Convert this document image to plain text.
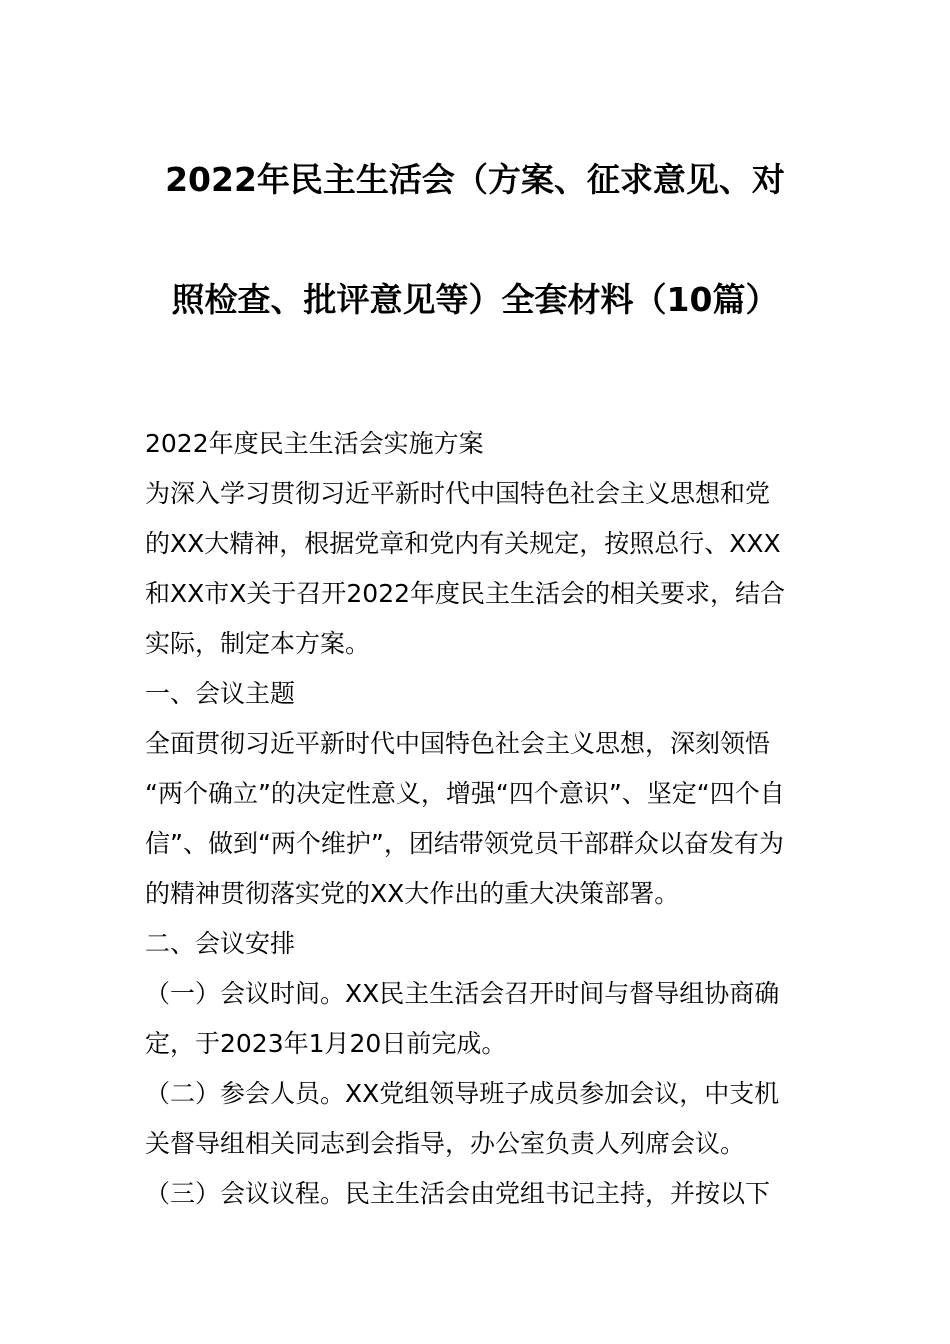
2022年民主生活会（方案、征求意见、对
照检查、批评意见等）全套材料（10篇）
2022年度民主生活会实施方案
为深入学习贯彻习近平新时代中国特色社会主义思想和党
的XX大精神，根据党章和党内有关规定，按照总行、XXX
和XX市X关于召开2022年度民主生活会的相关要求，结合
实际，制定本方案。
一、会议主题
全面贯彻习近平新时代中国特色社会主义思想，深刻领悟
“两个确立”的决定性意义，增强“四个意识”、坚定“四个自
信”、做到“两个维护”，团结带领党员干部群众以奋发有为
的精神贯彻落实党的XX大作出的重大决策部署。
二、会议安排
（一）会议时间。XX民主生活会召开时间与督导组协商确
定，于2023年1月20日前完成。
（二）参会人员。XX党组领导班子成员参加会议，中支机
关督导组相关同志到会指导，办公室负责人列席会议。
（三）会议议程。民主生活会由党组书记主持，并按以下
